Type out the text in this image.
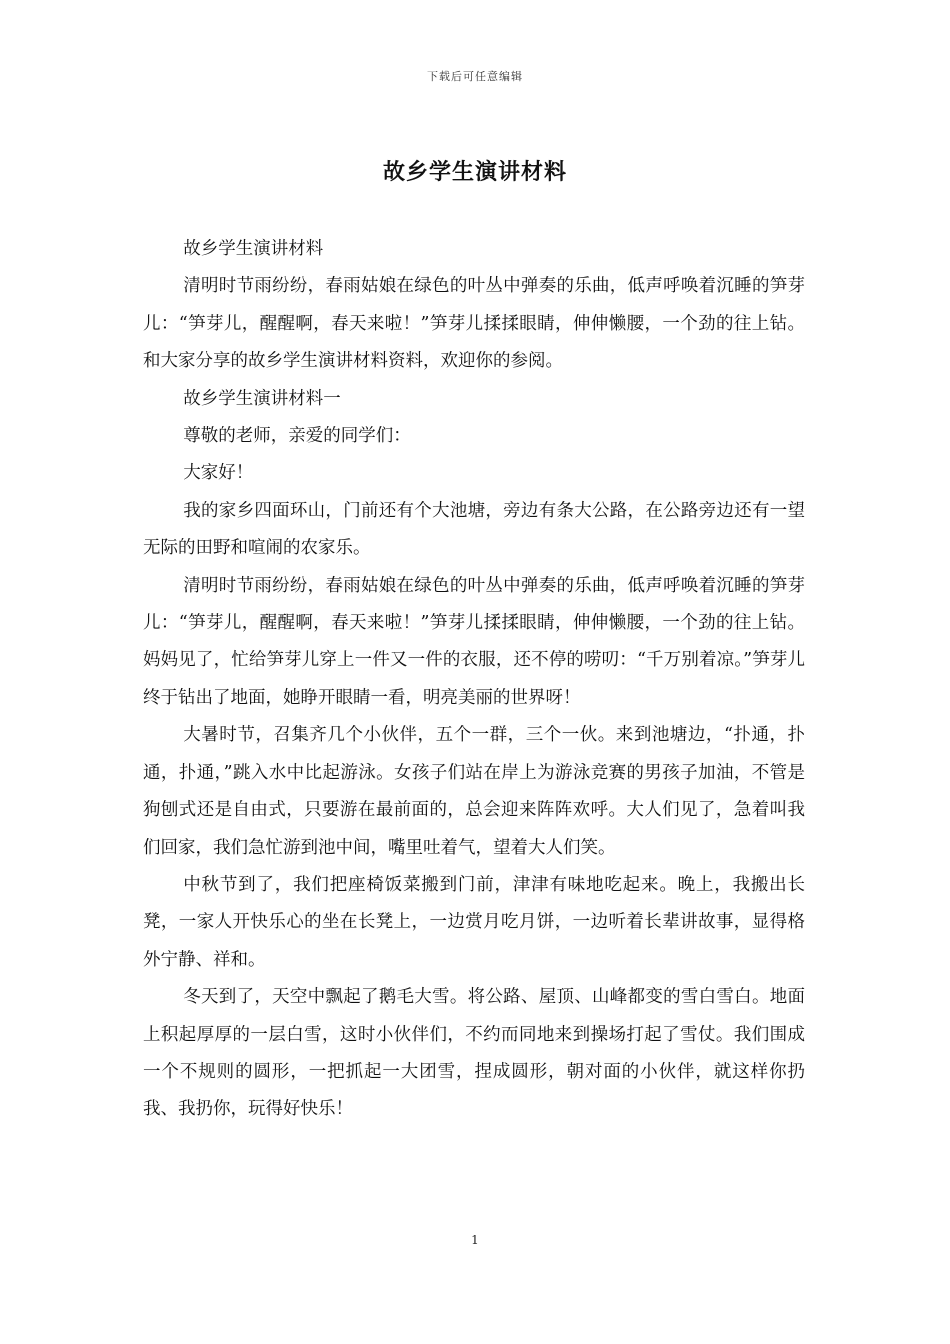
下载后可任意编辑
故乡学生演讲材料

故乡学生演讲材料

清明时节雨纷纷，春雨姑娘在绿色的叶丛中弹奏的乐曲，低声呼唤着沉睡的笋芽儿：“笋芽儿，醒醒啊，春天来啦！”笋芽儿揉揉眼睛，伸伸懒腰，一个劲的往上钻。和大家分享的故乡学生演讲材料资料，欢迎你的参阅。

故乡学生演讲材料一

尊敬的老师，亲爱的同学们：

大家好！

我的家乡四面环山，门前还有个大池塘，旁边有条大公路，在公路旁边还有一望无际的田野和喧闹的农家乐。

清明时节雨纷纷，春雨姑娘在绿色的叶丛中弹奏的乐曲，低声呼唤着沉睡的笋芽儿：“笋芽儿，醒醒啊，春天来啦！”笋芽儿揉揉眼睛，伸伸懒腰，一个劲的往上钻。妈妈见了，忙给笋芽儿穿上一件又一件的衣服，还不停的唠叨：“千万别着凉。”笋芽儿终于钻出了地面，她睁开眼睛一看，明亮美丽的世界呀！

大暑时节，召集齐几个小伙伴，五个一群，三个一伙。来到池塘边，“扑通，扑通，扑通，”跳入水中比起游泳。女孩子们站在岸上为游泳竞赛的男孩子加油，不管是狗刨式还是自由式，只要游在最前面的，总会迎来阵阵欢呼。大人们见了，急着叫我们回家，我们急忙游到池中间，嘴里吐着气，望着大人们笑。

中秋节到了，我们把座椅饭菜搬到门前，津津有味地吃起来。晚上，我搬出长凳，一家人开快乐心的坐在长凳上，一边赏月吃月饼，一边听着长辈讲故事，显得格外宁静、祥和。

冬天到了，天空中飘起了鹅毛大雪。将公路、屋顶、山峰都变的雪白雪白。地面上积起厚厚的一层白雪，这时小伙伴们，不约而同地来到操场打起了雪仗。我们围成一个不规则的圆形，一把抓起一大团雪，捏成圆形，朝对面的小伙伴，就这样你扔我、我扔你，玩得好快乐！

1
